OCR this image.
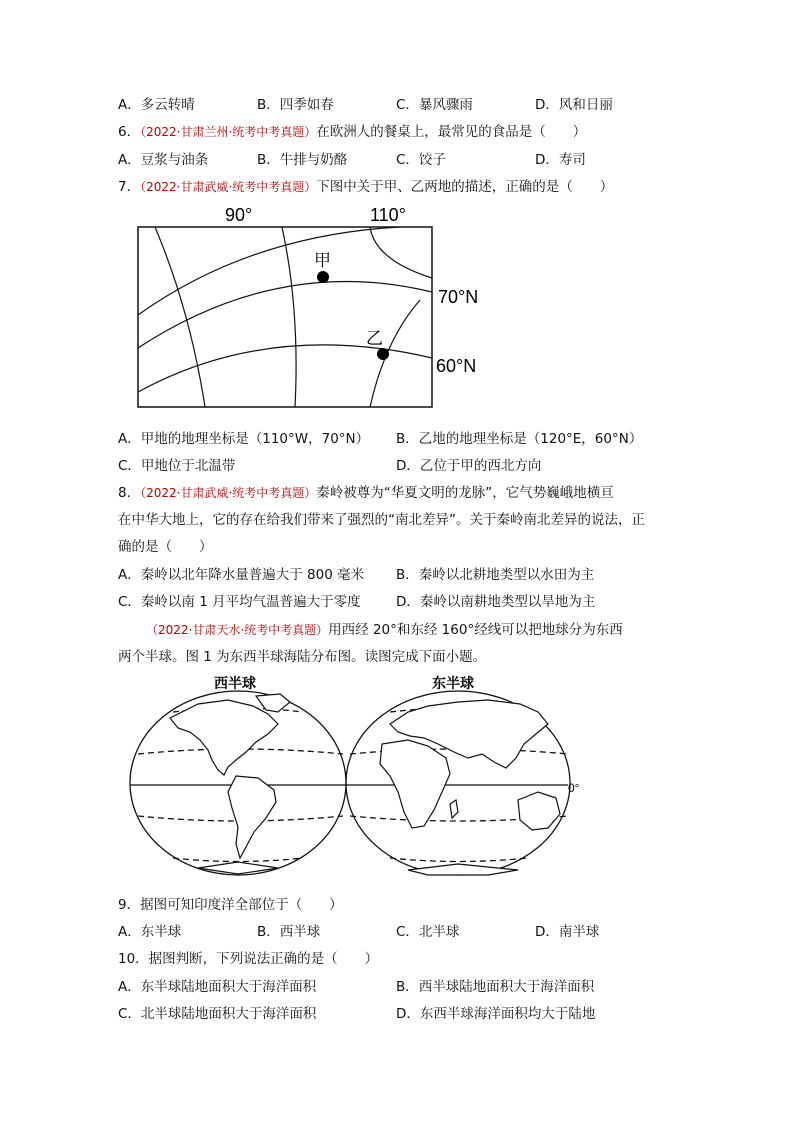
A．多云转晴	B．四季如春	C．暴风骤雨	D．风和日丽
6．（2022·甘肃兰州·统考中考真题）在欧洲人的餐桌上，最常见的食品是（　　）
A．豆浆与油条	B．牛排与奶酪	C．饺子	D．寿司
7．（2022·甘肃武威·统考中考真题）下图中关于甲、乙两地的描述，正确的是（　　）
90°	110°
70°N
60°N
甲
乙
A．甲地的地理坐标是（110°W，70°N） B．乙地的地理坐标是（120°E，60°N）
C．甲地位于北温带	D．乙位于甲的西北方向
8．（2022·甘肃武威·统考中考真题）秦岭被尊为“华夏文明的龙脉”，它气势巍峨地横亘
在中华大地上，它的存在给我们带来了强烈的“南北差异”。关于秦岭南北差异的说法，正
确的是（　　）
A．秦岭以北年降水量普遍大于 800 毫米 B．秦岭以北耕地类型以水田为主
C．秦岭以南 1 月平均气温普遍大于零度	D．秦岭以南耕地类型以旱地为主
（2022·甘肃天水·统考中考真题）用西经 20°和东经 160°经线可以把地球分为东西
两个半球。图 1 为东西半球海陆分布图。读图完成下面小题。
西半球	东半球
0°
9．据图可知印度洋全部位于（　　）
A．东半球	B．西半球	C．北半球	D．南半球
10．据图判断，下列说法正确的是（　　）
A．东半球陆地面积大于海洋面积	B．西半球陆地面积大于海洋面积
C．北半球陆地面积大于海洋面积	D．东西半球海洋面积均大于陆地
